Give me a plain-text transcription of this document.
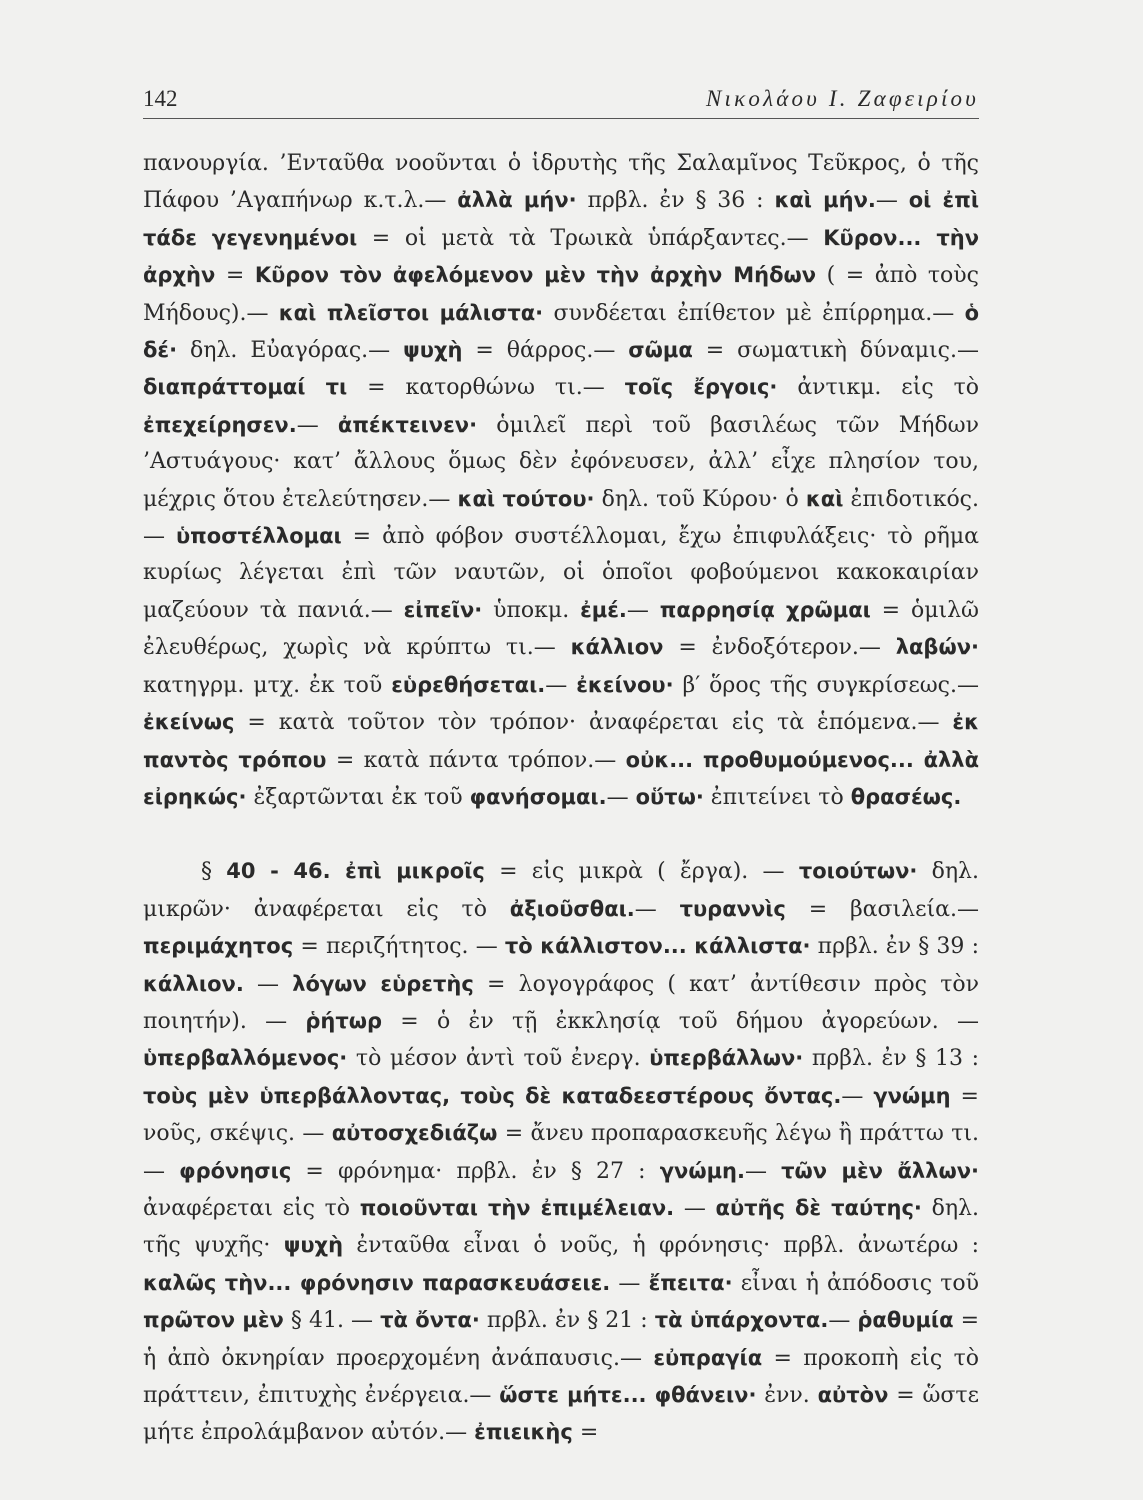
142	Νικολάου Ι. Ζαφειρίου

πανουργία. ’Ενταῦθα νοοῦνται ὁ ἱδρυτὴς τῆς Σαλαμῖνος Τεῦκρος, ὁ τῆς Πάφου ’Αγαπήνωρ κ.τ.λ.— ἀλλὰ μήν· πρβλ. ἐν § 36 : καὶ μήν.— οἱ ἐπὶ τάδε γεγενημένοι = οἱ μετὰ τὰ Τρωικὰ ὑπάρξαντες.— Κῦρον... τὴν ἀρχὴν = Κῦρον τὸν ἀφελόμενον μὲν τὴν ἀρχὴν Μήδων ( = ἀπὸ τοὺς Μήδους).— καὶ πλεῖστοι μάλιστα· συνδέεται ἐπίθετον μὲ ἐπίρρημα.— ὁ δέ· δηλ. Εὐαγόρας.— ψυχὴ = θάρρος.— σῶμα = σωματικὴ δύναμις.— διαπράττομαί τι = κατορθώνω τι.— τοῖς ἔργοις· ἀντικμ. εἰς τὸ ἐπεχείρησεν.— ἀπέκτεινεν· ὁμιλεῖ περὶ τοῦ βασιλέως τῶν Μήδων ’Αστυάγους· κατ’ ἄλλους ὅμως δὲν ἐφόνευσεν, ἀλλ’ εἶχε πλησίον του, μέχρις ὅτου ἐτελεύτησεν.— καὶ τούτου· δηλ. τοῦ Κύρου· ὁ καὶ ἐπιδοτικός. — ὑποστέλλομαι = ἀπὸ φόβον συστέλλομαι, ἔχω ἐπιφυλάξεις· τὸ ρῆμα κυρίως λέγεται ἐπὶ τῶν ναυτῶν, οἱ ὁποῖοι φοβούμενοι κακοκαιρίαν μαζεύουν τὰ πανιά.— εἰπεῖν· ὑποκμ. ἐμέ.— παρρησίᾳ χρῶμαι = ὁμιλῶ ἐλευθέρως, χωρὶς νὰ κρύπτω τι.— κάλλιον = ἐνδοξότερον.— λαβών· κατηγρμ. μτχ. ἐκ τοῦ εὑρεθήσεται.— ἐκείνου· β′ ὅρος τῆς συγκρίσεως.— ἐκείνως = κατὰ τοῦτον τὸν τρόπον· ἀναφέρεται εἰς τὰ ἑπόμενα.— ἐκ παντὸς τρόπου = κατὰ πάντα τρόπον.— οὐκ... προθυμούμενος... ἀλλὰ εἰρηκώς· ἐξαρτῶνται ἐκ τοῦ φανήσομαι.— οὕτω· ἐπιτείνει τὸ θρασέως.

§ 40 - 46. ἐπὶ μικροῖς = εἰς μικρὰ ( ἔργα). — τοιούτων· δηλ. μικρῶν· ἀναφέρεται εἰς τὸ ἀξιοῦσθαι.— τυραννὶς = βασιλεία.— περιμάχητος = περιζήτητος. — τὸ κάλλιστον... κάλλιστα· πρβλ. ἐν § 39 : κάλλιον. — λόγων εὑρετὴς = λογογράφος ( κατ’ ἀντίθεσιν πρὸς τὸν ποιητήν). — ῥήτωρ = ὁ ἐν τῇ ἐκκλησίᾳ τοῦ δήμου ἀγορεύων. — ὑπερβαλλόμενος· τὸ μέσον ἀντὶ τοῦ ἐνεργ. ὑπερβάλλων· πρβλ. ἐν § 13 : τοὺς μὲν ὑπερβάλλοντας, τοὺς δὲ καταδεεστέρους ὄντας.— γνώμη = νοῦς, σκέψις. — αὐτοσχεδιάζω = ἄνευ προπαρασκευῆς λέγω ἢ πράττω τι.— φρόνησις = φρόνημα· πρβλ. ἐν § 27 : γνώμη.— τῶν μὲν ἄλλων· ἀναφέρεται εἰς τὸ ποιοῦνται τὴν ἐπιμέλειαν. — αὐτῆς δὲ ταύτης· δηλ. τῆς ψυχῆς· ψυχὴ ἐνταῦθα εἶναι ὁ νοῦς, ἡ φρόνησις· πρβλ. ἀνωτέρω : καλῶς τὴν... φρόνησιν παρασκευάσειε. — ἔπειτα· εἶναι ἡ ἀπόδοσις τοῦ πρῶτον μὲν § 41. — τὰ ὄντα· πρβλ. ἐν § 21 : τὰ ὑπάρχοντα.— ῥαθυμία = ἡ ἀπὸ ὀκνηρίαν προερχομένη ἀνάπαυσις.— εὐπραγία = προκοπὴ εἰς τὸ πράττειν, ἐπιτυχὴς ἐνέργεια.— ὥστε μήτε... φθάνειν· ἐνν. αὐτὸν = ὥστε μήτε ἐπρολάμβανον αὐτόν.— ἐπιεικὴς =
